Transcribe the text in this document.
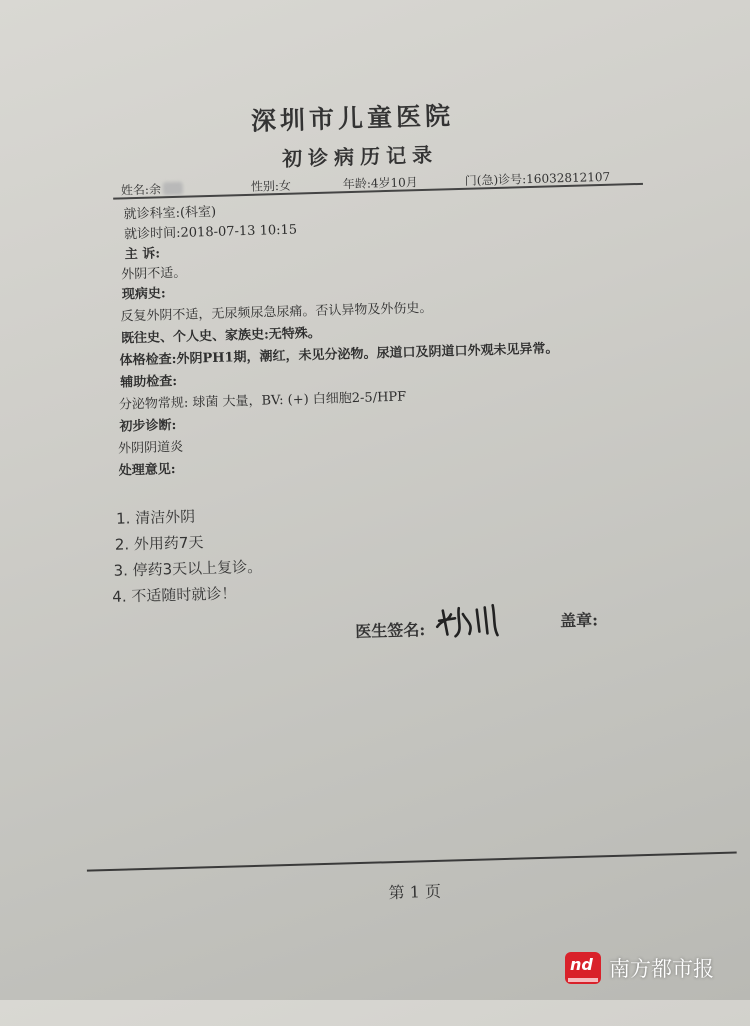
深圳市儿童医院
初诊病历记录
姓名:余	性别:女	年龄:4岁10月	门(急)诊号:16032812107
就诊科室:(科室)
就诊时间:2018-07-13 10:15
主 诉:
外阴不适。
现病史:
反复外阴不适，无尿频尿急尿痛。否认异物及外伤史。
既往史、个人史、家族史:无特殊。
体格检查:外阴PH1期，潮红，未见分泌物。尿道口及阴道口外观未见异常。
辅助检查:
分泌物常规: 球菌 大量，BV: (+) 白细胞2-5/HPF
初步诊断:
外阴阴道炎
处理意见:
1. 清洁外阴
2. 外用药7天
3. 停药3天以上复诊。
4. 不适随时就诊！
医生签名:	盖章:
第 1 页
nd 南方都市报
